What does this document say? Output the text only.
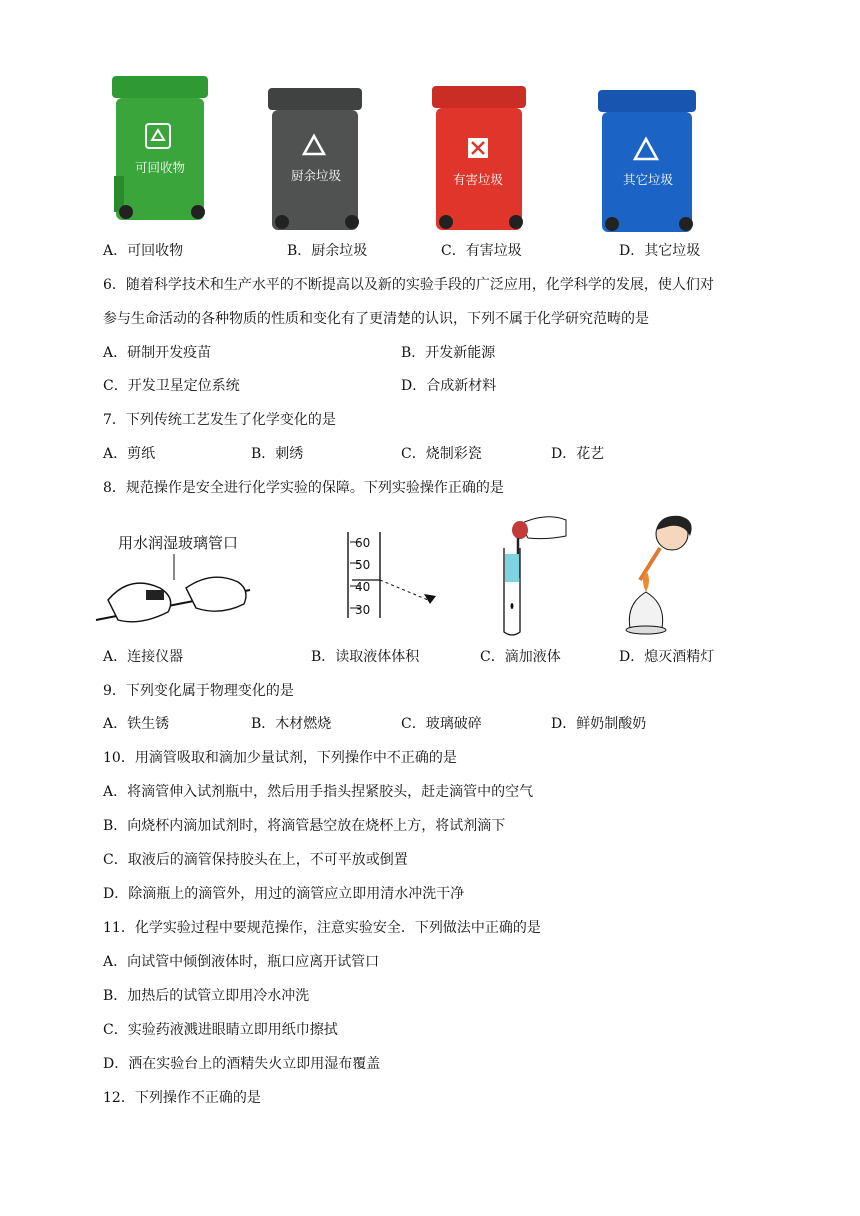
可回收物
厨余垃圾	有害垃圾	其它垃圾
A．可回收物	B．厨余垃圾	C．有害垃圾	D．其它垃圾
6．随着科学技术和生产水平的不断提高以及新的实验手段的广泛应用，化学科学的发展，使人们对
参与生命活动的各种物质的性质和变化有了更清楚的认识，下列不属于化学研究范畴的是
A．研制开发疫苗	B．开发新能源
C．开发卫星定位系统	D．合成新材料
7．下列传统工艺发生了化学变化的是
A．剪纸	B．刺绣	C．烧制彩瓷	D．花艺
8．规范操作是安全进行化学实验的保障。下列实验操作正确的是
用水润湿玻璃管口	60
50
40
30
A．连接仪器	B．读取液体体积	C．滴加液体	D．熄灭酒精灯
9．下列变化属于物理变化的是
A．铁生锈	B．木材燃烧	C．玻璃破碎	D．鲜奶制酸奶
10．用滴管吸取和滴加少量试剂，下列操作中不正确的是
A．将滴管伸入试剂瓶中，然后用手指头捏紧胶头，赶走滴管中的空气
B．向烧杯内滴加试剂时，将滴管悬空放在烧杯上方，将试剂滴下
C．取液后的滴管保持胶头在上，不可平放或倒置
D．除滴瓶上的滴管外，用过的滴管应立即用清水冲洗干净
11．化学实验过程中要规范操作，注意实验安全．下列做法中正确的是
A．向试管中倾倒液体时，瓶口应离开试管口
B．加热后的试管立即用冷水冲洗
C．实验药液溅进眼睛立即用纸巾擦拭
D．洒在实验台上的酒精失火立即用湿布覆盖
12．下列操作不正确的是
